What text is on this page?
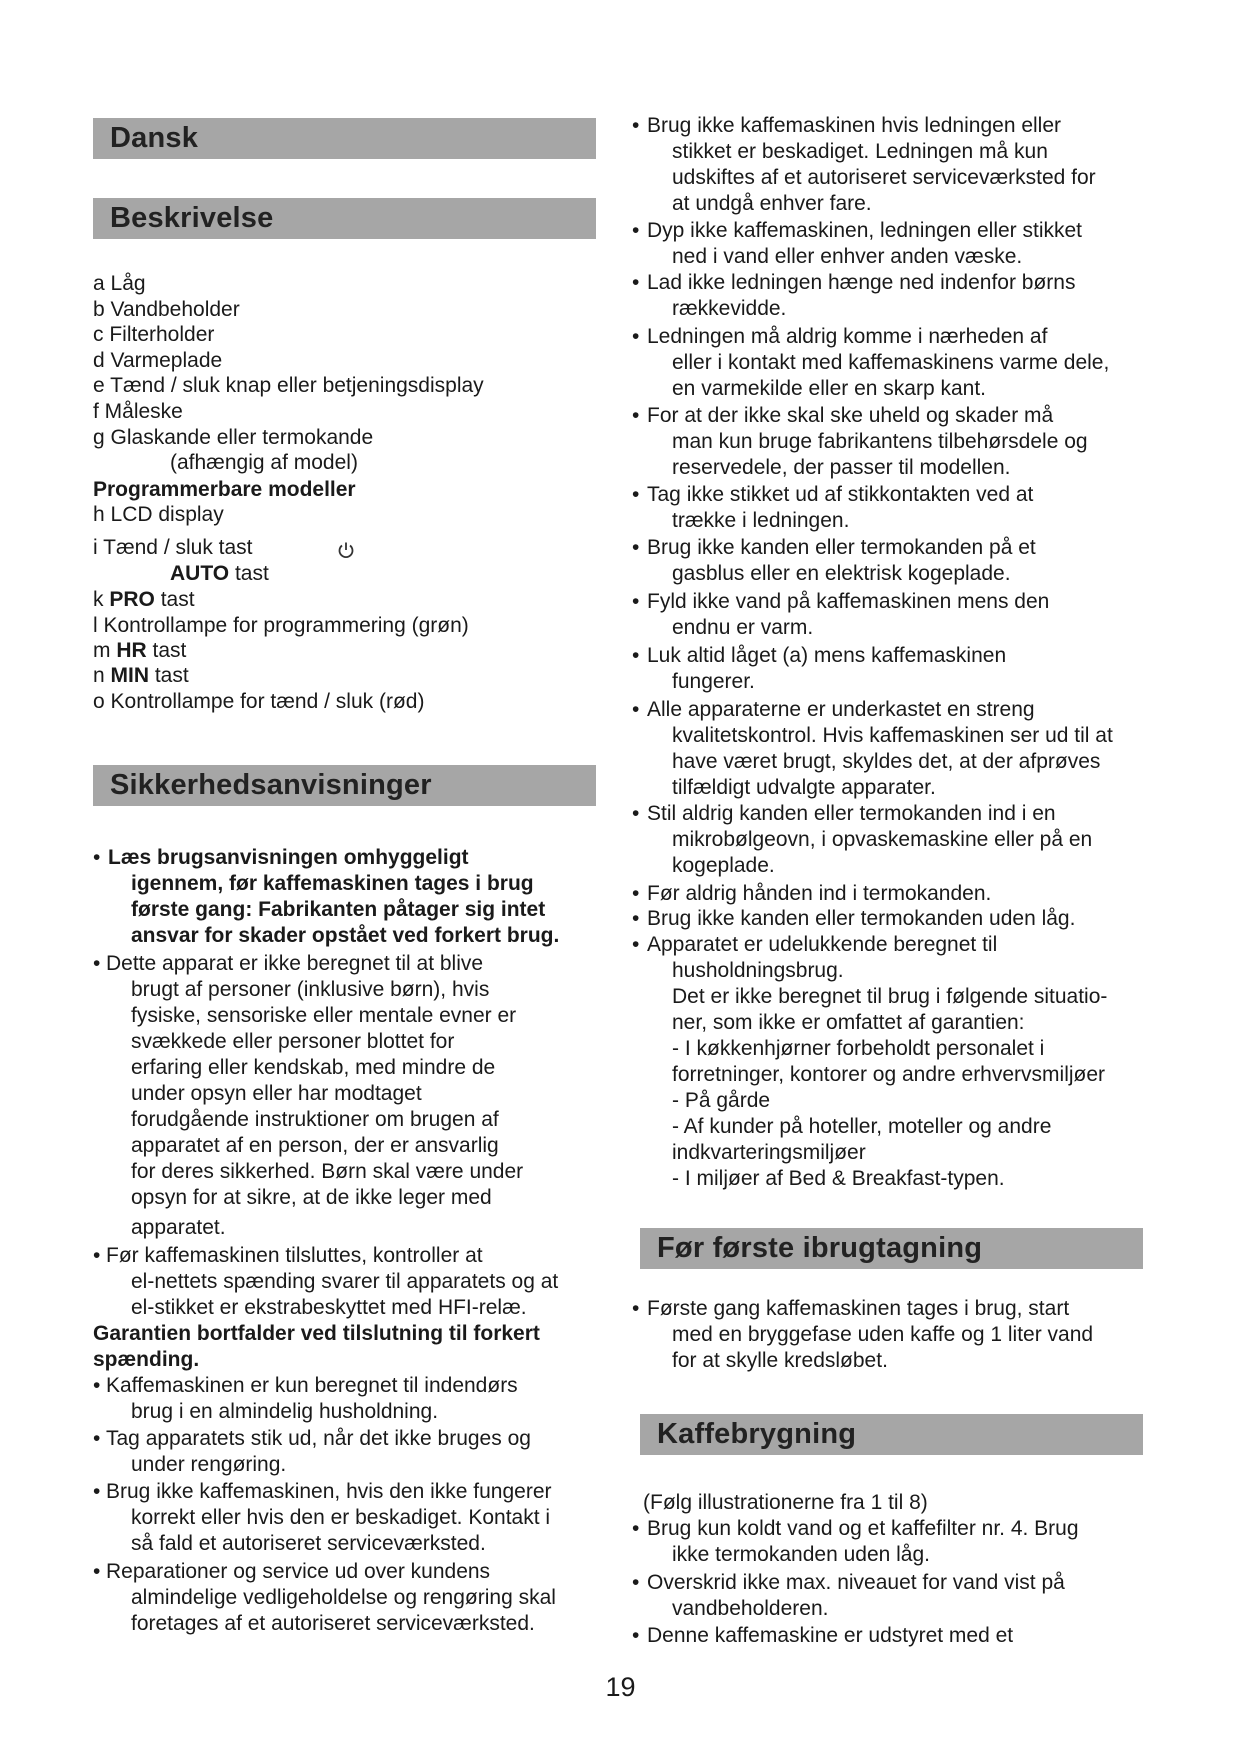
Dansk
Beskrivelse
a Låg
b Vandbeholder
c Filterholder
d Varmeplade
e Tænd / sluk knap eller betjeningsdisplay
f Måleske
g Glaskande eller termokande
(afhængig af model)
Programmerbare modeller
h LCD display
i Tænd / sluk tast
AUTO tast
k PRO tast
l Kontrollampe for programmering (grøn)
m HR tast
n MIN tast
o Kontrollampe for tænd / sluk (rød)
Sikkerhedsanvisninger
Læs brugsanvisningen omhyggeligt
igennem, før kaffemaskinen tages i brug
første gang: Fabrikanten påtager sig intet
ansvar for skader opstået ved forkert brug.
•
Dette apparat er ikke beregnet til at blive
brugt af personer (inklusive børn), hvis
fysiske, sensoriske eller mentale evner er
svækkede eller personer blottet for
erfaring eller kendskab, med mindre de
under opsyn eller har modtaget
forudgående instruktioner om brugen af
apparatet af en person, der er ansvarlig
for deres sikkerhed. Børn skal være under
opsyn for at sikre, at de ikke leger med
apparatet.
•
Før kaffemaskinen tilsluttes, kontroller at
el-nettets spænding svarer til apparatets og at
el-stikket er ekstrabeskyttet med HFI-relæ.
•
Garantien bortfalder ved tilslutning til forkert
spænding.
Kaffemaskinen er kun beregnet til indendørs
brug i en almindelig husholdning.
•
Tag apparatets stik ud, når det ikke bruges og
under rengøring.
•
Brug ikke kaffemaskinen, hvis den ikke fungerer
korrekt eller hvis den er beskadiget. Kontakt i
så fald et autoriseret serviceværksted.
•
Reparationer og service ud over kundens
almindelige vedligeholdelse og rengøring skal
foretages af et autoriseret serviceværksted.
•
Brug ikke kaffemaskinen hvis ledningen eller
stikket er beskadiget. Ledningen må kun
udskiftes af et autoriseret serviceværksted for
at undgå enhver fare.
•
Dyp ikke kaffemaskinen, ledningen eller stikket
ned i vand eller enhver anden væske.
•
Lad ikke ledningen hænge ned indenfor børns
rækkevidde.
•
Ledningen må aldrig komme i nærheden af
eller i kontakt med kaffemaskinens varme dele,
en varmekilde eller en skarp kant.
•
For at der ikke skal ske uheld og skader må
man kun bruge fabrikantens tilbehørsdele og
reservedele, der passer til modellen.
•
Tag ikke stikket ud af stikkontakten ved at
trække i ledningen.
•
Brug ikke kanden eller termokanden på et
gasblus eller en elektrisk kogeplade.
•
Fyld ikke vand på kaffemaskinen mens den
endnu er varm.
•
Luk altid låget (a) mens kaffemaskinen
fungerer.
•
Alle apparaterne er underkastet en streng
kvalitetskontrol. Hvis kaffemaskinen ser ud til at
have været brugt, skyldes det, at der afprøves
tilfældigt udvalgte apparater.
•
Stil aldrig kanden eller termokanden ind i en
mikrobølgeovn, i opvaskemaskine eller på en
kogeplade.
•
Før aldrig hånden ind i termokanden.
•
Brug ikke kanden eller termokanden uden låg.
•
Apparatet er udelukkende beregnet til
husholdningsbrug.
Det er ikke beregnet til brug i følgende situatio-
ner, som ikke er omfattet af garantien:
- I køkkenhjørner forbeholdt personalet i
forretninger, kontorer og andre erhvervsmiljøer
- På gårde
- Af kunder på hoteller, moteller og andre
indkvarteringsmiljøer
- I miljøer af Bed & Breakfast-typen.
•
Før første ibrugtagning
Første gang kaffemaskinen tages i brug, start
med en bryggefase uden kaffe og 1 liter vand
for at skylle kredsløbet.
•
Kaffebrygning
(Følg illustrationerne fra 1 til 8)
Brug kun koldt vand og et kaffefilter nr. 4. Brug
ikke termokanden uden låg.
•
Overskrid ikke max. niveauet for vand vist på
vandbeholderen.
•
Denne kaffemaskine er udstyret med et
•
19
